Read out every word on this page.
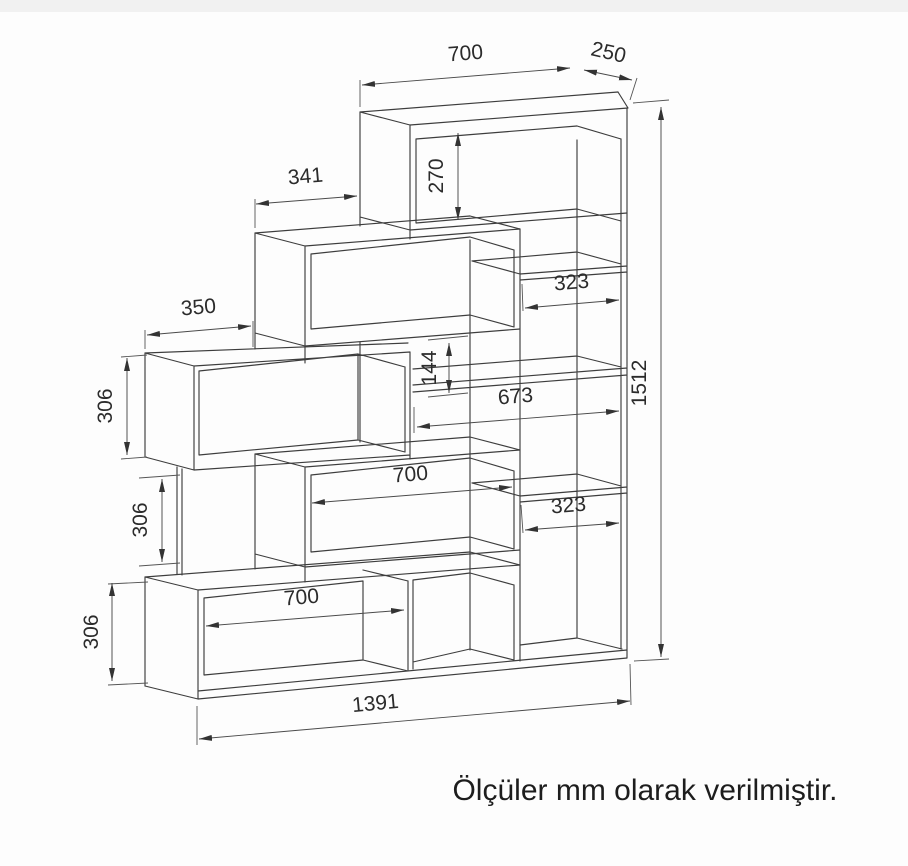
700	250
270
341
323
350
144
673
306
306
306
700
323
700
1391
1512
Ölçüler mm olarak verilmiştir.
